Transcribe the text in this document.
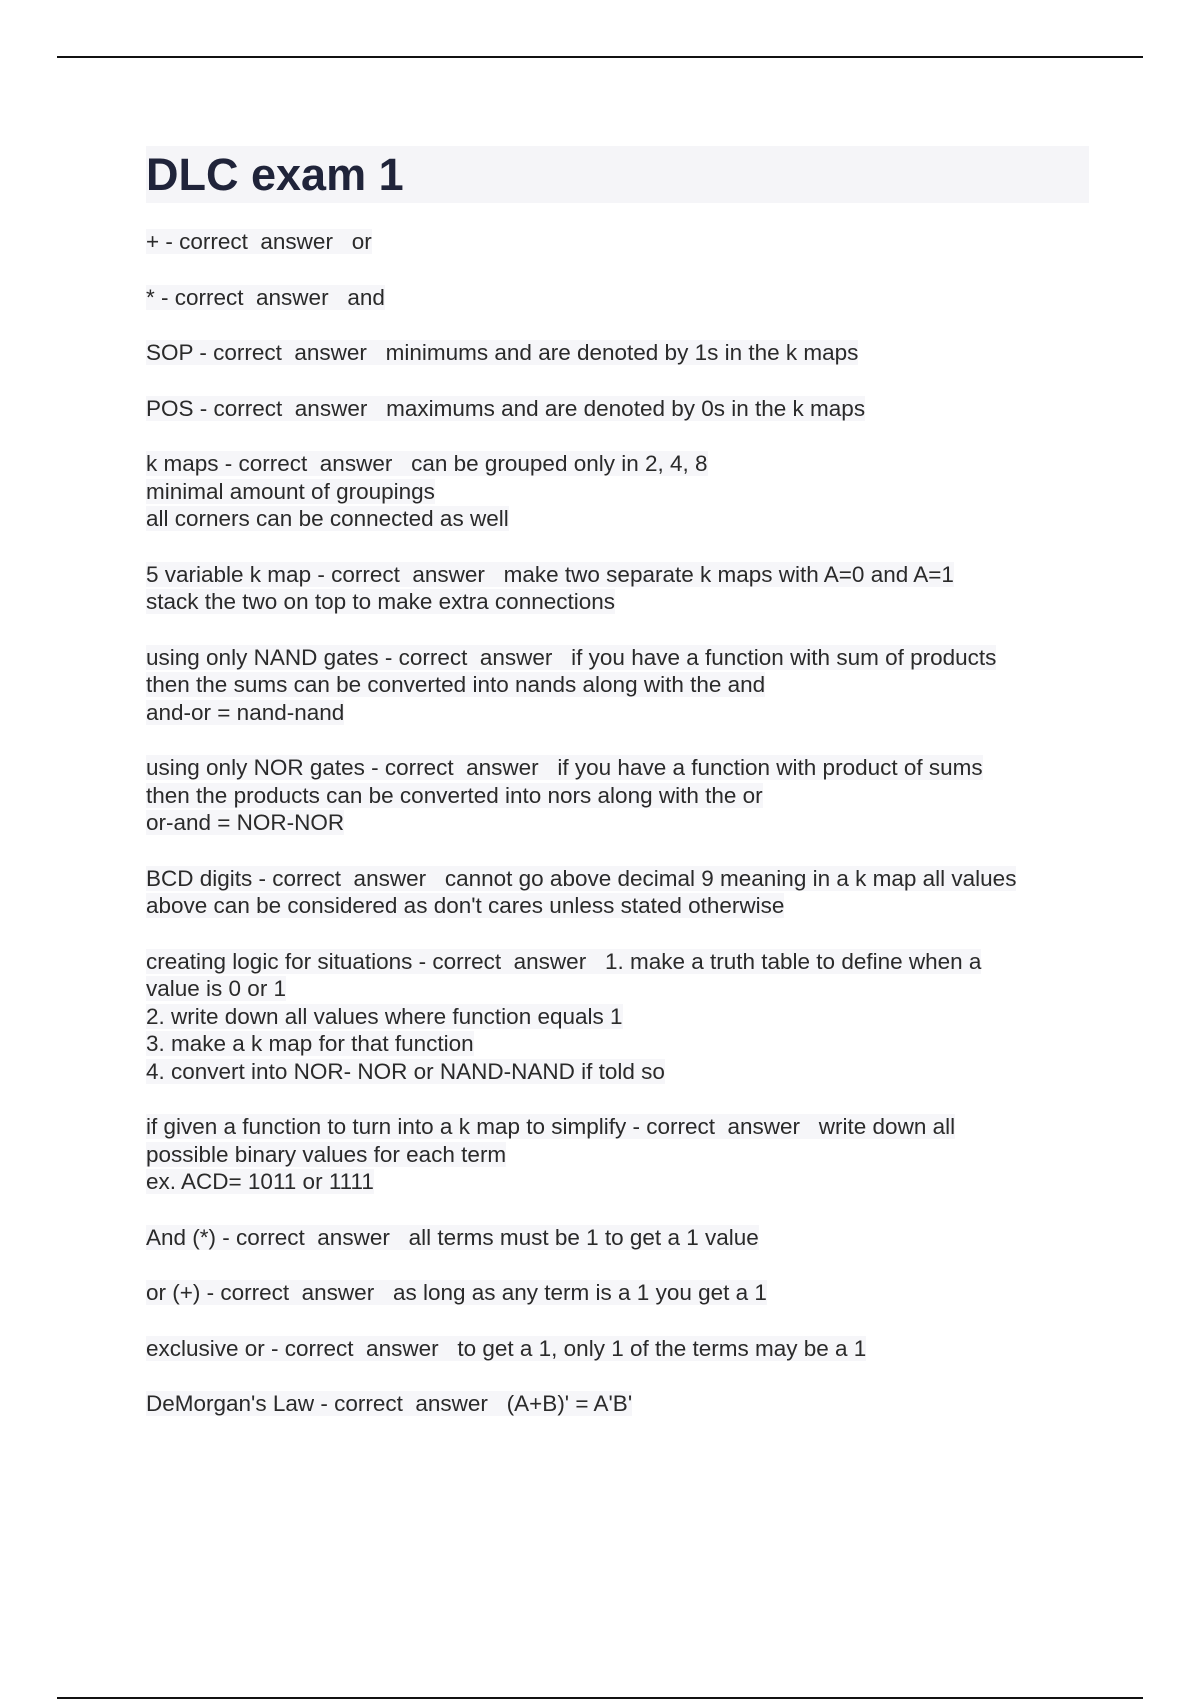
DLC exam 1
+ - correct  answer   or
* - correct  answer   and
SOP - correct  answer   minimums and are denoted by 1s in the k maps
POS - correct  answer   maximums and are denoted by 0s in the k maps
k maps - correct  answer   can be grouped only in 2, 4, 8
minimal amount of groupings
all corners can be connected as well
5 variable k map - correct  answer   make two separate k maps with A=0 and A=1
stack the two on top to make extra connections
using only NAND gates - correct  answer   if you have a function with sum of products
then the sums can be converted into nands along with the and
and-or = nand-nand
using only NOR gates - correct  answer   if you have a function with product of sums
then the products can be converted into nors along with the or
or-and = NOR-NOR
BCD digits - correct  answer   cannot go above decimal 9 meaning in a k map all values
above can be considered as don't cares unless stated otherwise
creating logic for situations - correct  answer   1. make a truth table to define when a
value is 0 or 1
2. write down all values where function equals 1
3. make a k map for that function
4. convert into NOR- NOR or NAND-NAND if told so
if given a function to turn into a k map to simplify - correct  answer   write down all
possible binary values for each term
ex. ACD= 1011 or 1111
And (*) - correct  answer   all terms must be 1 to get a 1 value
or (+) - correct  answer   as long as any term is a 1 you get a 1
exclusive or - correct  answer   to get a 1, only 1 of the terms may be a 1
DeMorgan's Law - correct  answer   (A+B)' = A'B'
